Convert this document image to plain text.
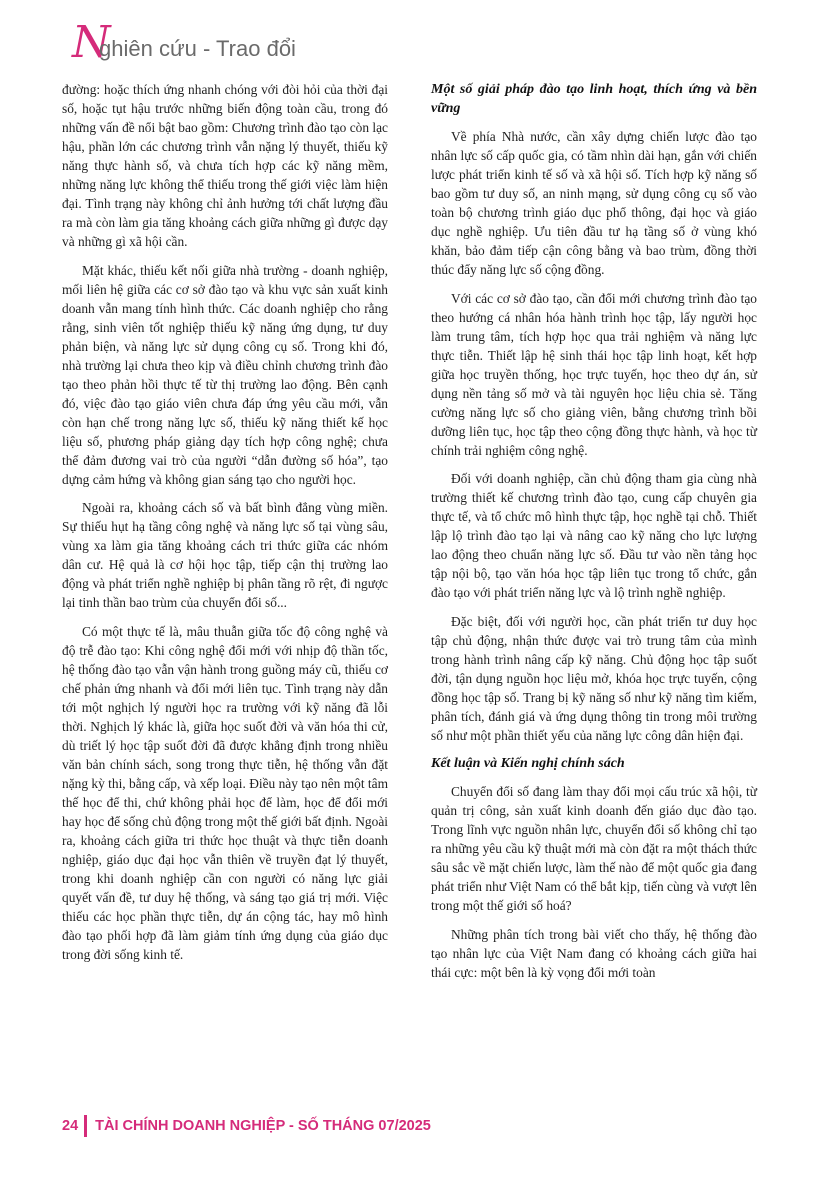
N
ghiên cứu - Trao đổi

đường: hoặc thích ứng nhanh chóng với đòi hỏi của thời đại số, hoặc tụt hậu trước những biến động toàn cầu, trong đó những vấn đề nổi bật bao gồm: Chương trình đào tạo còn lạc hậu, phần lớn các chương trình vẫn nặng lý thuyết, thiếu kỹ năng thực hành số, và chưa tích hợp các kỹ năng mềm, những năng lực không thể thiếu trong thế giới việc làm hiện đại. Tình trạng này không chỉ ảnh hưởng tới chất lượng đầu ra mà còn làm gia tăng khoảng cách giữa những gì được dạy và những gì xã hội cần.

Mặt khác, thiếu kết nối giữa nhà trường - doanh nghiệp, mối liên hệ giữa các cơ sở đào tạo và khu vực sản xuất kinh doanh vẫn mang tính hình thức. Các doanh nghiệp cho rằng rằng, sinh viên tốt nghiệp thiếu kỹ năng ứng dụng, tư duy phản biện, và năng lực sử dụng công cụ số. Trong khi đó, nhà trường lại chưa theo kịp và điều chỉnh chương trình đào tạo theo phản hồi thực tế từ thị trường lao động. Bên cạnh đó, việc đào tạo giáo viên chưa đáp ứng yêu cầu mới, vẫn còn hạn chế trong năng lực số, thiếu kỹ năng thiết kế học liệu số, phương pháp giảng dạy tích hợp công nghệ; chưa thể đảm đương vai trò của người “dẫn đường số hóa”, tạo dựng cảm hứng và không gian sáng tạo cho người học.

Ngoài ra, khoảng cách số và bất bình đẳng vùng miền. Sự thiếu hụt hạ tầng công nghệ và năng lực số tại vùng sâu, vùng xa làm gia tăng khoảng cách tri thức giữa các nhóm dân cư. Hệ quả là cơ hội học tập, tiếp cận thị trường lao động và phát triển nghề nghiệp bị phân tầng rõ rệt, đi ngược lại tinh thần bao trùm của chuyển đổi số...

Có một thực tế là, mâu thuẫn giữa tốc độ công nghệ và độ trễ đào tạo: Khi công nghệ đổi mới với nhịp độ thần tốc, hệ thống đào tạo vẫn vận hành trong guồng máy cũ, thiếu cơ chế phản ứng nhanh và đổi mới liên tục. Tình trạng này dẫn tới một nghịch lý người học ra trường với kỹ năng đã lỗi thời. Nghịch lý khác là, giữa học suốt đời và văn hóa thi cử, dù triết lý học tập suốt đời đã được khẳng định trong nhiều văn bản chính sách, song trong thực tiễn, hệ thống vẫn đặt nặng kỳ thi, bằng cấp, và xếp loại. Điều này tạo nên một tâm thế học để thi, chứ không phải học để làm, học để đổi mới hay học để sống chủ động trong một thế giới bất định. Ngoài ra, khoảng cách giữa tri thức học thuật và thực tiễn doanh nghiệp, giáo dục đại học vẫn thiên về truyền đạt lý thuyết, trong khi doanh nghiệp cần con người có năng lực giải quyết vấn đề, tư duy hệ thống, và sáng tạo giá trị mới. Việc thiếu các học phần thực tiễn, dự án cộng tác, hay mô hình đào tạo phối hợp đã làm giảm tính ứng dụng của giáo dục trong đời sống kinh tế.

Một số giải pháp đào tạo linh hoạt, thích ứng và bền vững

Về phía Nhà nước, cần xây dựng chiến lược đào tạo nhân lực số cấp quốc gia, có tầm nhìn dài hạn, gắn với chiến lược phát triển kinh tế số và xã hội số. Tích hợp kỹ năng số bao gồm tư duy số, an ninh mạng, sử dụng công cụ số vào toàn bộ chương trình giáo dục phổ thông, đại học và giáo dục nghề nghiệp. Ưu tiên đầu tư hạ tầng số ở vùng khó khăn, bảo đảm tiếp cận công bằng và bao trùm, đồng thời thúc đẩy năng lực số cộng đồng.

Với các cơ sở đào tạo, cần đổi mới chương trình đào tạo theo hướng cá nhân hóa hành trình học tập, lấy người học làm trung tâm, tích hợp học qua trải nghiệm và năng lực thực tiễn. Thiết lập hệ sinh thái học tập linh hoạt, kết hợp giữa học truyền thống, học trực tuyến, học theo dự án, sử dụng nền tảng số mở và tài nguyên học liệu chia sẻ. Tăng cường năng lực số cho giảng viên, bằng chương trình bồi dưỡng liên tục, học tập theo cộng đồng thực hành, và học từ chính trải nghiệm công nghệ.

Đối với doanh nghiệp, cần chủ động tham gia cùng nhà trường thiết kế chương trình đào tạo, cung cấp chuyên gia thực tế, và tổ chức mô hình thực tập, học nghề tại chỗ. Thiết lập lộ trình đào tạo lại và nâng cao kỹ năng cho lực lượng lao động theo chuẩn năng lực số. Đầu tư vào nền tảng học tập nội bộ, tạo văn hóa học tập liên tục trong tổ chức, gắn đào tạo với phát triển năng lực và lộ trình nghề nghiệp.

Đặc biệt, đối với người học, cần phát triển tư duy học tập chủ động, nhận thức được vai trò trung tâm của mình trong hành trình nâng cấp kỹ năng. Chủ động học tập suốt đời, tận dụng nguồn học liệu mở, khóa học trực tuyến, cộng đồng học tập số. Trang bị kỹ năng số như kỹ năng tìm kiếm, phân tích, đánh giá và ứng dụng thông tin trong môi trường số như một phần thiết yếu của năng lực công dân hiện đại.

Kết luận và Kiến nghị chính sách

Chuyển đổi số đang làm thay đổi mọi cấu trúc xã hội, từ quản trị công, sản xuất kinh doanh đến giáo dục đào tạo. Trong lĩnh vực nguồn nhân lực, chuyển đổi số không chỉ tạo ra những yêu cầu kỹ thuật mới mà còn đặt ra một thách thức sâu sắc về mặt chiến lược, làm thế nào để một quốc gia đang phát triển như Việt Nam có thể bắt kịp, tiến cùng và vượt lên trong một thế giới số hoá?

Những phân tích trong bài viết cho thấy, hệ thống đào tạo nhân lực của Việt Nam đang có khoảng cách giữa hai thái cực: một bên là kỳ vọng đổi mới toàn

24 TÀI CHÍNH DOANH NGHIỆP - SỐ THÁNG 07/2025
